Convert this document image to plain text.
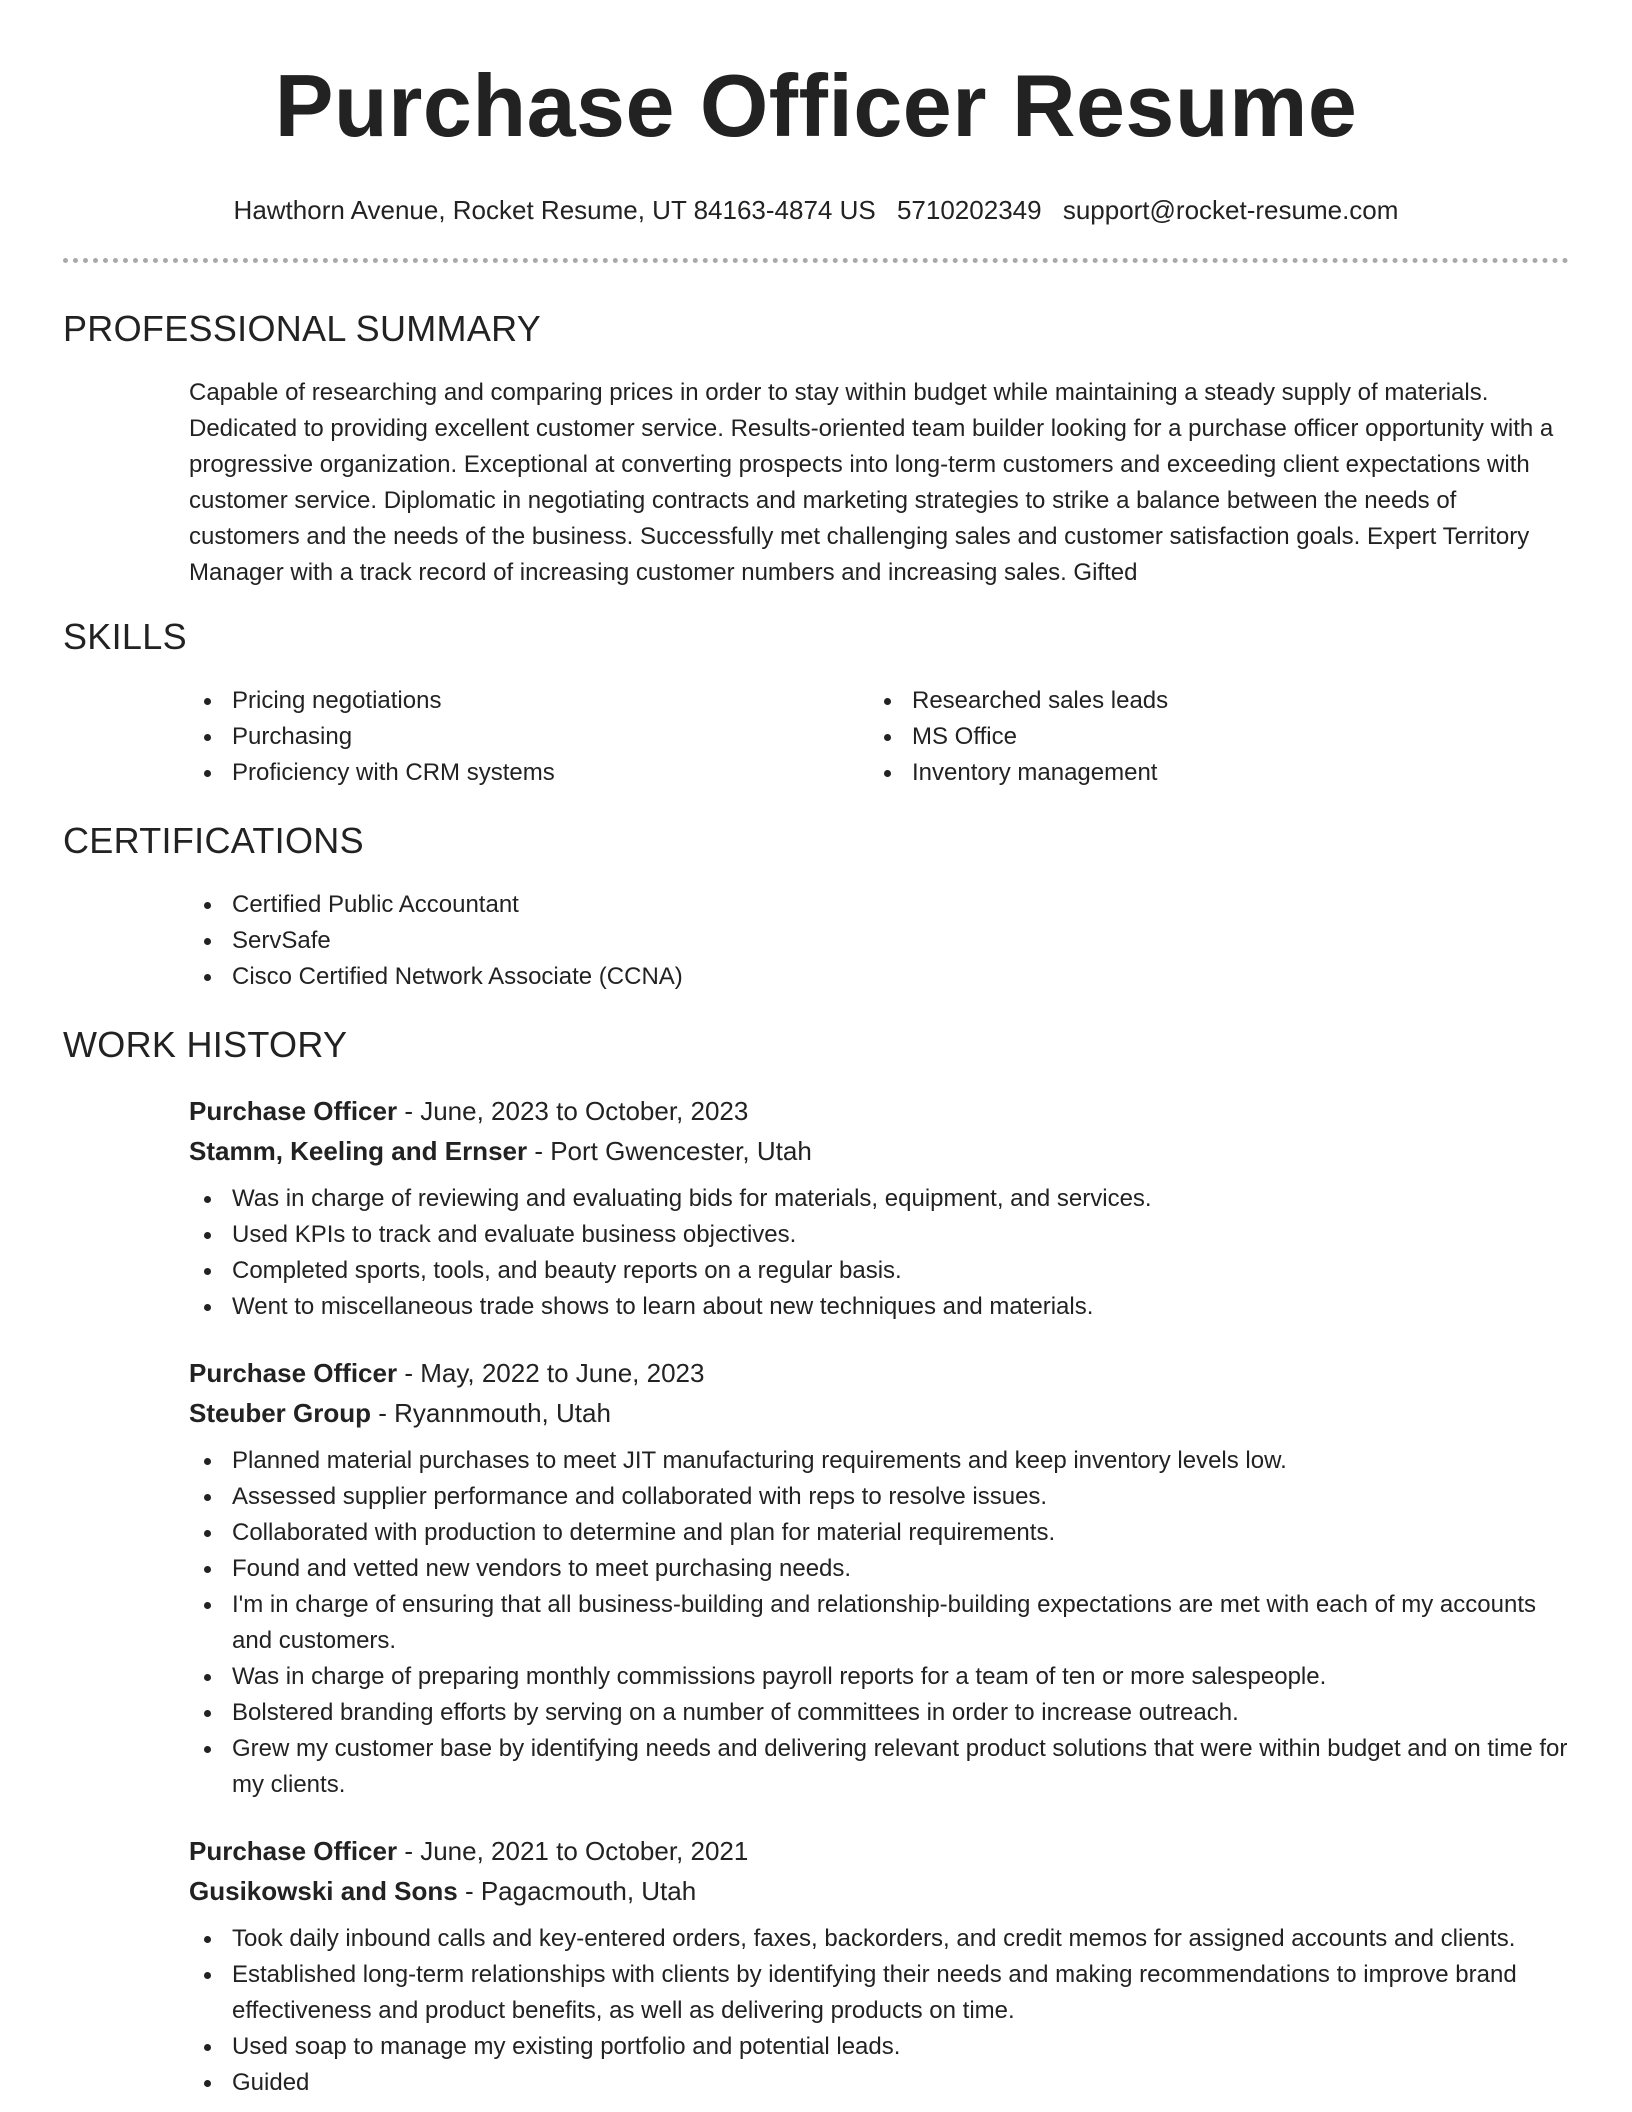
Purchase Officer Resume
Hawthorn Avenue, Rocket Resume, UT 84163-4874 US 5710202349 support@rocket-resume.com
PROFESSIONAL SUMMARY

Capable of researching and comparing prices in order to stay within budget while maintaining a steady supply of materials. Dedicated to providing excellent customer service. Results-oriented team builder looking for a purchase officer opportunity with a progressive organization. Exceptional at converting prospects into long-term customers and exceeding client expectations with customer service. Diplomatic in negotiating contracts and marketing strategies to strike a balance between the needs of customers and the needs of the business. Successfully met challenging sales and customer satisfaction goals. Expert Territory Manager with a track record of increasing customer numbers and increasing sales. Gifted

SKILLS
Pricing negotiations
Purchasing
Proficiency with CRM systems
Researched sales leads
MS Office
Inventory management
CERTIFICATIONS
Certified Public Accountant
ServSafe
Cisco Certified Network Associate (CCNA)
WORK HISTORY
Purchase Officer - June, 2023 to October, 2023
Stamm, Keeling and Ernser - Port Gwencester, Utah
Was in charge of reviewing and evaluating bids for materials, equipment, and services.
Used KPIs to track and evaluate business objectives.
Completed sports, tools, and beauty reports on a regular basis.
Went to miscellaneous trade shows to learn about new techniques and materials.
Purchase Officer - May, 2022 to June, 2023
Steuber Group - Ryannmouth, Utah
Planned material purchases to meet JIT manufacturing requirements and keep inventory levels low.
Assessed supplier performance and collaborated with reps to resolve issues.
Collaborated with production to determine and plan for material requirements.
Found and vetted new vendors to meet purchasing needs.
I'm in charge of ensuring that all business-building and relationship-building expectations are met with each of my accounts and customers.
Was in charge of preparing monthly commissions payroll reports for a team of ten or more salespeople.
Bolstered branding efforts by serving on a number of committees in order to increase outreach.
Grew my customer base by identifying needs and delivering relevant product solutions that were within budget and on time for my clients.
Purchase Officer - June, 2021 to October, 2021
Gusikowski and Sons - Pagacmouth, Utah
Took daily inbound calls and key-entered orders, faxes, backorders, and credit memos for assigned accounts and clients.
Established long-term relationships with clients by identifying their needs and making recommendations to improve brand effectiveness and product benefits, as well as delivering products on time.
Used soap to manage my existing portfolio and potential leads.
Guided
